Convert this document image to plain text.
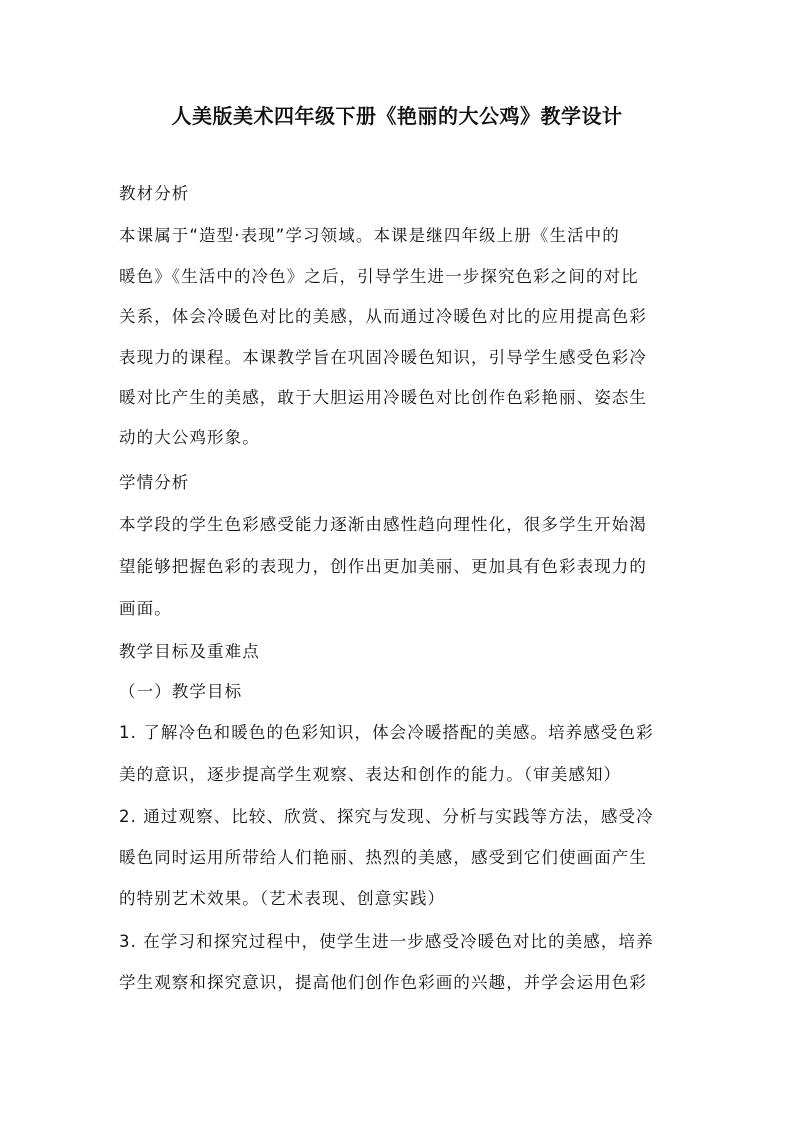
人美版美术四年级下册《艳丽的大公鸡》教学设计
教材分析
本课属于“造型·表现”学习领域。本课是继四年级上册《生活中的
暖色》《生活中的冷色》之后，引导学生进一步探究色彩之间的对比
关系，体会冷暖色对比的美感，从而通过冷暖色对比的应用提高色彩
表现力的课程。本课教学旨在巩固冷暖色知识，引导学生感受色彩冷
暖对比产生的美感，敢于大胆运用冷暖色对比创作色彩艳丽、姿态生
动的大公鸡形象。
学情分析
本学段的学生色彩感受能力逐渐由感性趋向理性化，很多学生开始渴
望能够把握色彩的表现力，创作出更加美丽、更加具有色彩表现力的
画面。
教学目标及重难点
（一）教学目标
1. 了解冷色和暖色的色彩知识，体会冷暖搭配的美感。培养感受色彩
美的意识，逐步提高学生观察、表达和创作的能力。（审美感知）
2. 通过观察、比较、欣赏、探究与发现、分析与实践等方法，感受冷
暖色同时运用所带给人们艳丽、热烈的美感，感受到它们使画面产生
的特别艺术效果。（艺术表现、创意实践）
3. 在学习和探究过程中，使学生进一步感受冷暖色对比的美感，培养
学生观察和探究意识，提高他们创作色彩画的兴趣，并学会运用色彩
